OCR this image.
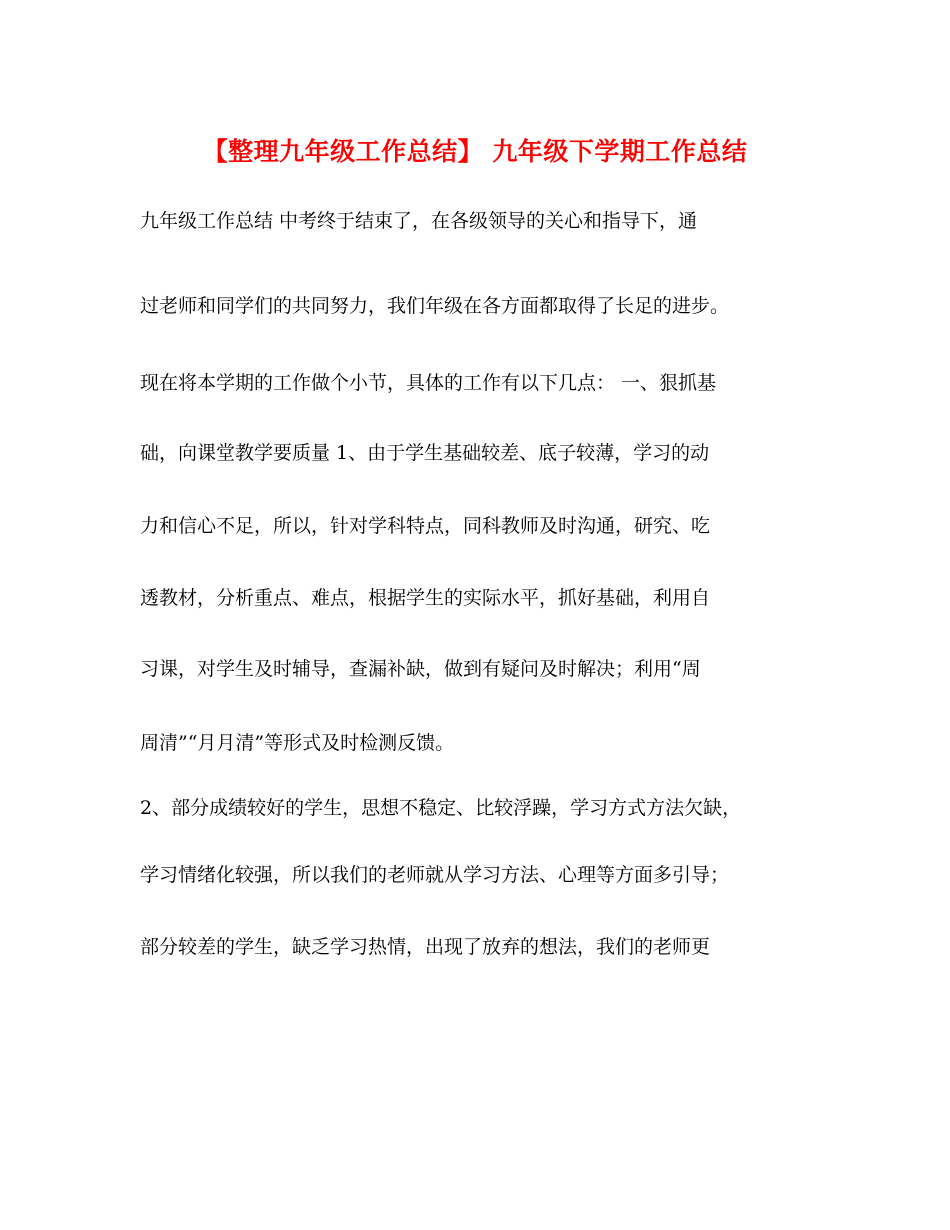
【整理九年级工作总结】 九年级下学期工作总结
九年级工作总结 中考终于结束了，在各级领导的关心和指导下，通
过老师和同学们的共同努力，我们年级在各方面都取得了长足的进步。
现在将本学期的工作做个小节，具体的工作有以下几点： 一、狠抓基
础，向课堂教学要质量 1、由于学生基础较差、底子较薄，学习的动
力和信心不足，所以，针对学科特点，同科教师及时沟通，研究、吃
透教材，分析重点、难点，根据学生的实际水平，抓好基础，利用自
习课，对学生及时辅导，查漏补缺，做到有疑问及时解决；利用“周
周清”“月月清”等形式及时检测反馈。
2、部分成绩较好的学生，思想不稳定、比较浮躁，学习方式方法欠缺，
学习情绪化较强，所以我们的老师就从学习方法、心理等方面多引导；
部分较差的学生，缺乏学习热情，出现了放弃的想法，我们的老师更
